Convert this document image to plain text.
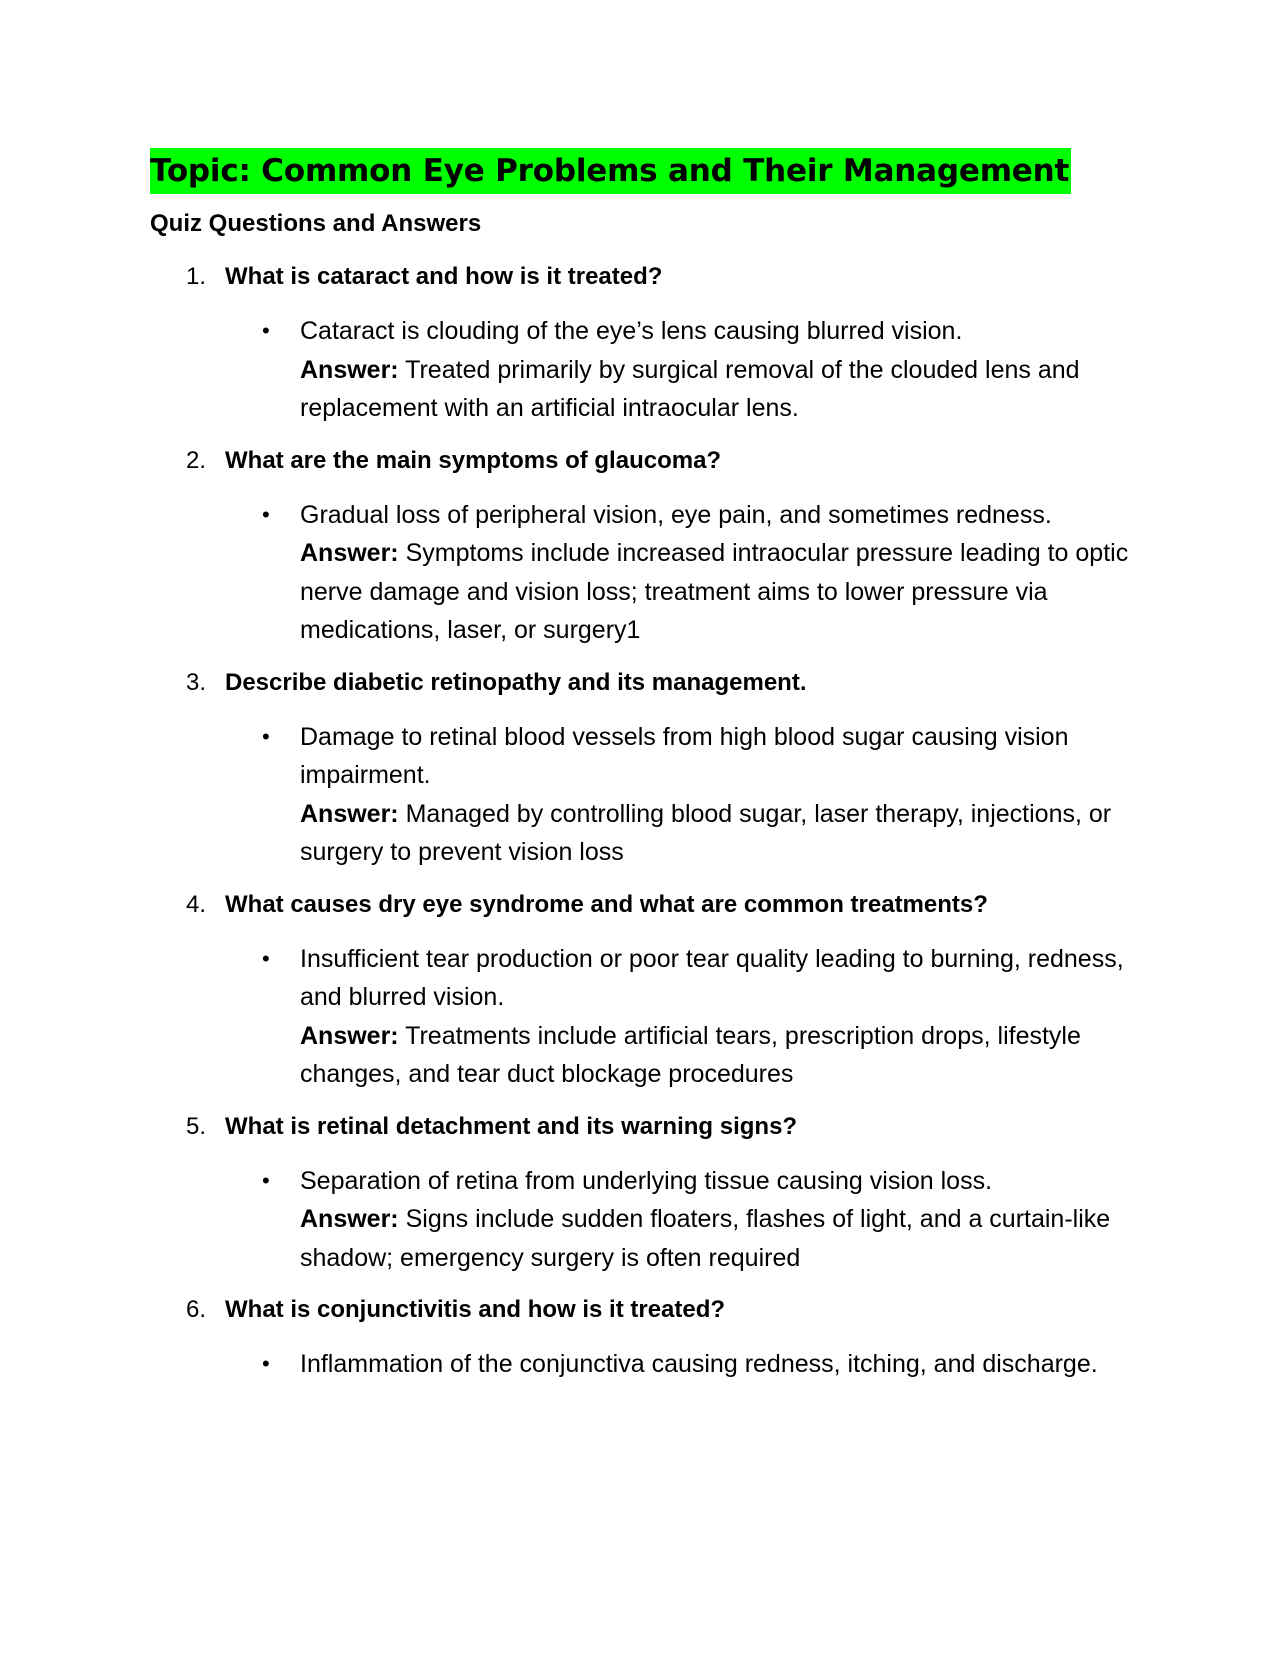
Topic: Common Eye Problems and Their Management
Quiz Questions and Answers
1. What is cataract and how is it treated?
• Cataract is clouding of the eye’s lens causing blurred vision.
Answer: Treated primarily by surgical removal of the clouded lens and replacement with an artificial intraocular lens.
2. What are the main symptoms of glaucoma?
• Gradual loss of peripheral vision, eye pain, and sometimes redness.
Answer: Symptoms include increased intraocular pressure leading to optic nerve damage and vision loss; treatment aims to lower pressure via medications, laser, or surgery1
3. Describe diabetic retinopathy and its management.
• Damage to retinal blood vessels from high blood sugar causing vision impairment.
Answer: Managed by controlling blood sugar, laser therapy, injections, or surgery to prevent vision loss
4. What causes dry eye syndrome and what are common treatments?
• Insufficient tear production or poor tear quality leading to burning, redness, and blurred vision.
Answer: Treatments include artificial tears, prescription drops, lifestyle changes, and tear duct blockage procedures
5. What is retinal detachment and its warning signs?
• Separation of retina from underlying tissue causing vision loss.
Answer: Signs include sudden floaters, flashes of light, and a curtain-like shadow; emergency surgery is often required
6. What is conjunctivitis and how is it treated?
• Inflammation of the conjunctiva causing redness, itching, and discharge.
